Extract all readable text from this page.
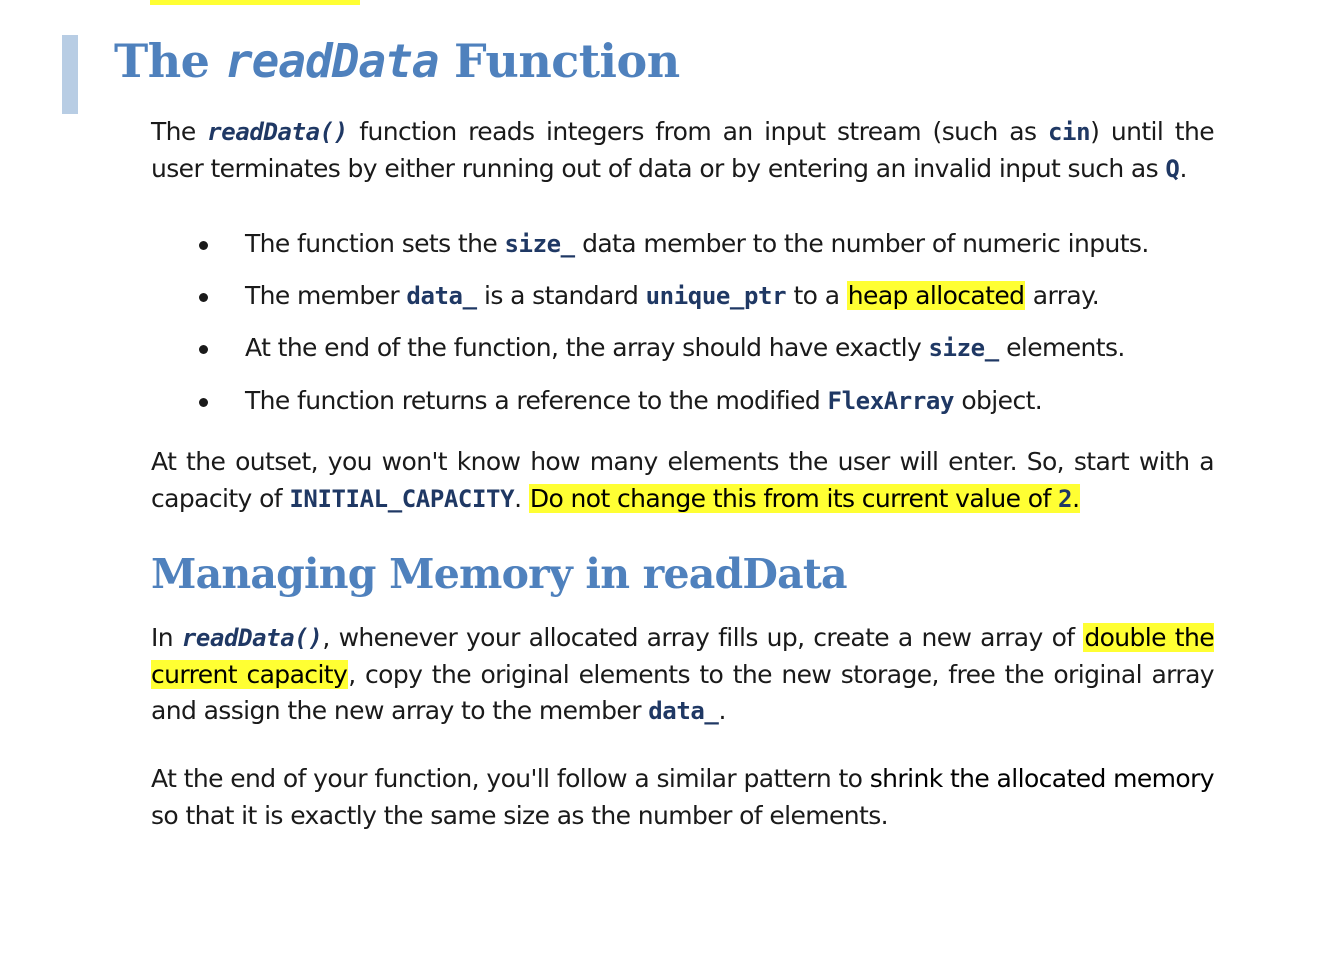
The readData Function

The readData() function reads integers from an input stream (such as cin) until the user terminates by either running out of data or by entering an invalid input such as Q.

The function sets the size_ data member to the number of numeric inputs.
The member data_ is a standard unique_ptr to a heap allocated array.
At the end of the function, the array should have exactly size_ elements.
The function returns a reference to the modified FlexArray object.

At the outset, you won't know how many elements the user will enter. So, start with a capacity of INITIAL_CAPACITY. Do not change this from its current value of 2.

Managing Memory in readData

In readData(), whenever your allocated array fills up, create a new array of double the current capacity, copy the original elements to the new storage, free the original array and assign the new array to the member data_.

At the end of your function, you'll follow a similar pattern to shrink the allocated memory so that it is exactly the same size as the number of elements.
